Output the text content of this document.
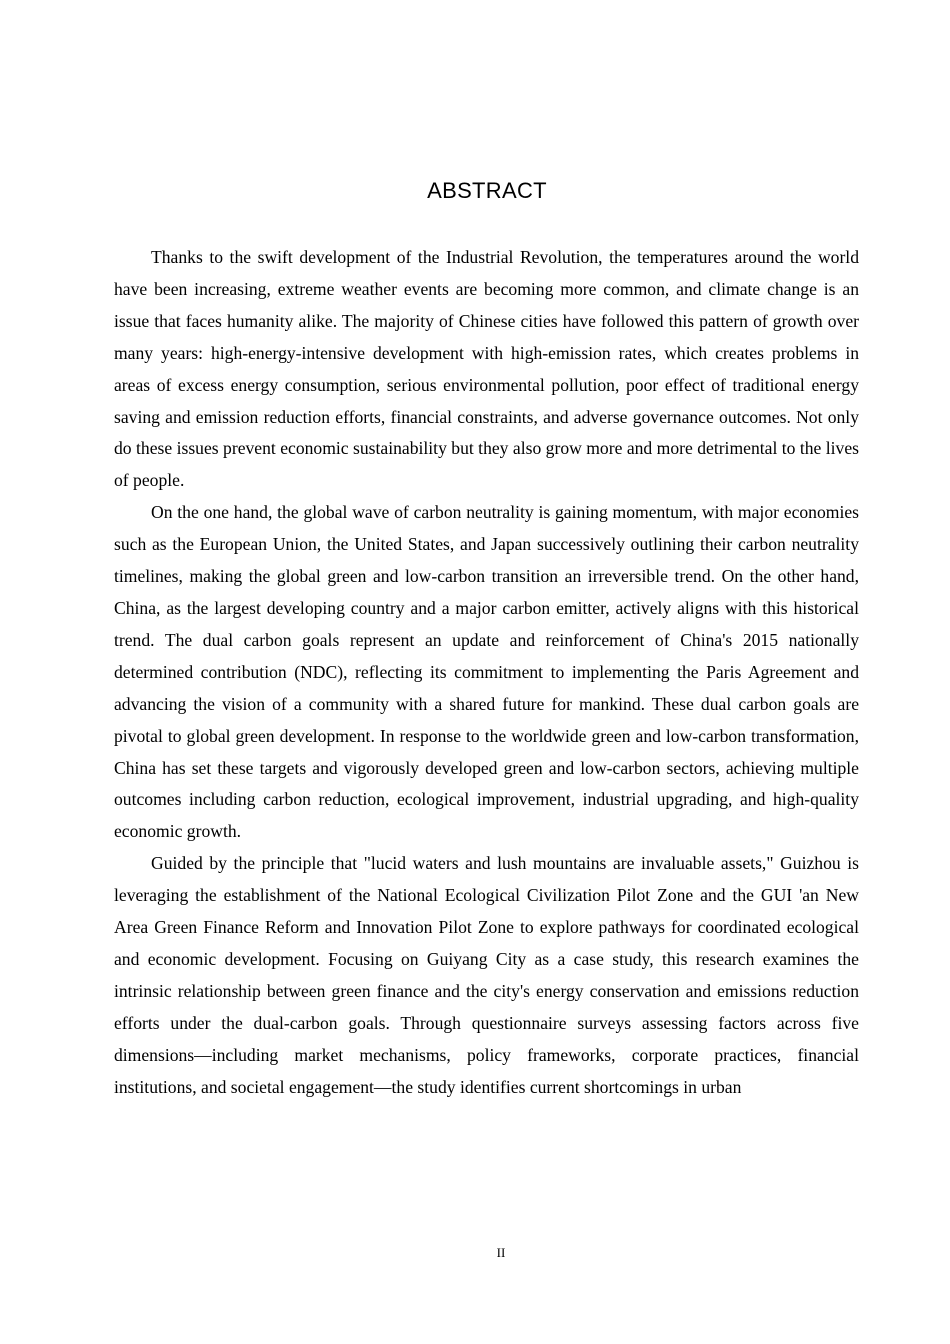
ABSTRACT

Thanks to the swift development of the Industrial Revolution, the temperatures around the world have been increasing, extreme weather events are becoming more common, and climate change is an issue that faces humanity alike. The majority of Chinese cities have followed this pattern of growth over many years: high-energy-intensive development with high-emission rates, which creates problems in areas of excess energy consumption, serious environmental pollution, poor effect of traditional energy saving and emission reduction efforts, financial constraints, and adverse governance outcomes. Not only do these issues prevent economic sustainability but they also grow more and more detrimental to the lives of people.

On the one hand, the global wave of carbon neutrality is gaining momentum, with major economies such as the European Union, the United States, and Japan successively outlining their carbon neutrality timelines, making the global green and low-carbon transition an irreversible trend. On the other hand, China, as the largest developing country and a major carbon emitter, actively aligns with this historical trend. The dual carbon goals represent an update and reinforcement of China's 2015 nationally determined contribution (NDC), reflecting its commitment to implementing the Paris Agreement and advancing the vision of a community with a shared future for mankind. These dual carbon goals are pivotal to global green development. In response to the worldwide green and low-carbon transformation, China has set these targets and vigorously developed green and low-carbon sectors, achieving multiple outcomes including carbon reduction, ecological improvement, industrial upgrading, and high-quality economic growth.

Guided by the principle that "lucid waters and lush mountains are invaluable assets," Guizhou is leveraging the establishment of the National Ecological Civilization Pilot Zone and the GUI 'an New Area Green Finance Reform and Innovation Pilot Zone to explore pathways for coordinated ecological and economic development. Focusing on Guiyang City as a case study, this research examines the intrinsic relationship between green finance and the city's energy conservation and emissions reduction efforts under the dual-carbon goals. Through questionnaire surveys assessing factors across five dimensions—including market mechanisms, policy frameworks, corporate practices, financial institutions, and societal engagement—the study identifies current shortcomings in urban

II
